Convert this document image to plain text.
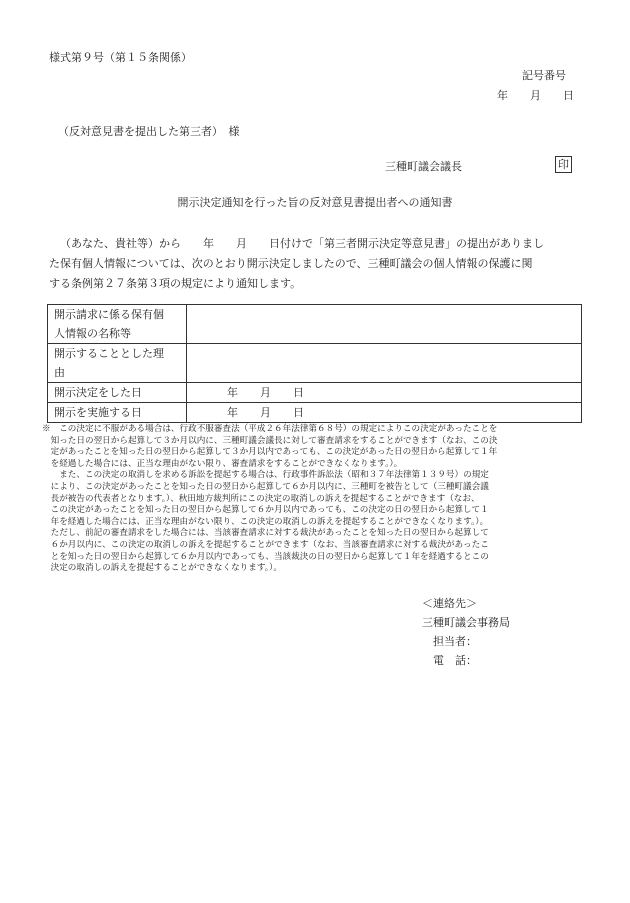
様式第９号（第１５条関係）
記号番号
年 月 日
（反対意見書を提出した第三者）　様
三種町議会議長	印
開示決定通知を行った旨の反対意見書提出者への通知書
（あなた、貴社等）から　　年　　月　　日付けで「第三者開示決定等意見書」の提出がありまし
た保有個人情報については、次のとおり開示決定しましたので、三種町議会の個人情報の保護に関
する条例第２７条第３項の規定により通知します。
開示請求に係る保有個
人情報の名称等	

開示することとした理
由	

開示決定をした日	年 月 日
開示を実施する日	年 月 日
※　この決定に不服がある場合は、行政不服審査法（平成２６年法律第６８号）の規定によりこの決定があったことを
　知った日の翌日から起算して３か月以内に、三種町議会議長に対して審査請求をすることができます（なお、この決
　定があったことを知った日の翌日から起算して３か月以内であっても、この決定があった日の翌日から起算して１年
　を経過した場合には、正当な理由がない限り、審査請求をすることができなくなります。）。
　　また、この決定の取消しを求める訴訟を提起する場合は、行政事件訴訟法（昭和３７年法律第１３９号）の規定
　により、この決定があったことを知った日の翌日から起算して６か月以内に、三種町を被告として（三種町議会議
　長が被告の代表者となります。）、秋田地方裁判所にこの決定の取消しの訴えを提起することができます（なお、
　この決定があったことを知った日の翌日から起算して６か月以内であっても、この決定の日の翌日から起算して１
　年を経過した場合には、正当な理由がない限り、この決定の取消しの訴えを提起することができなくなります。）。
　ただし、前記の審査請求をした場合には、当該審査請求に対する裁決があったことを知った日の翌日から起算して
　６か月以内に、この決定の取消しの訴えを提起することができます（なお、当該審査請求に対する裁決があったこ
　とを知った日の翌日から起算して６か月以内であっても、当該裁決の日の翌日から起算して１年を経過するとこの
　決定の取消しの訴えを提起することができなくなります。）。
＜連絡先＞
三種町議会事務局
担当者：
電　話：
